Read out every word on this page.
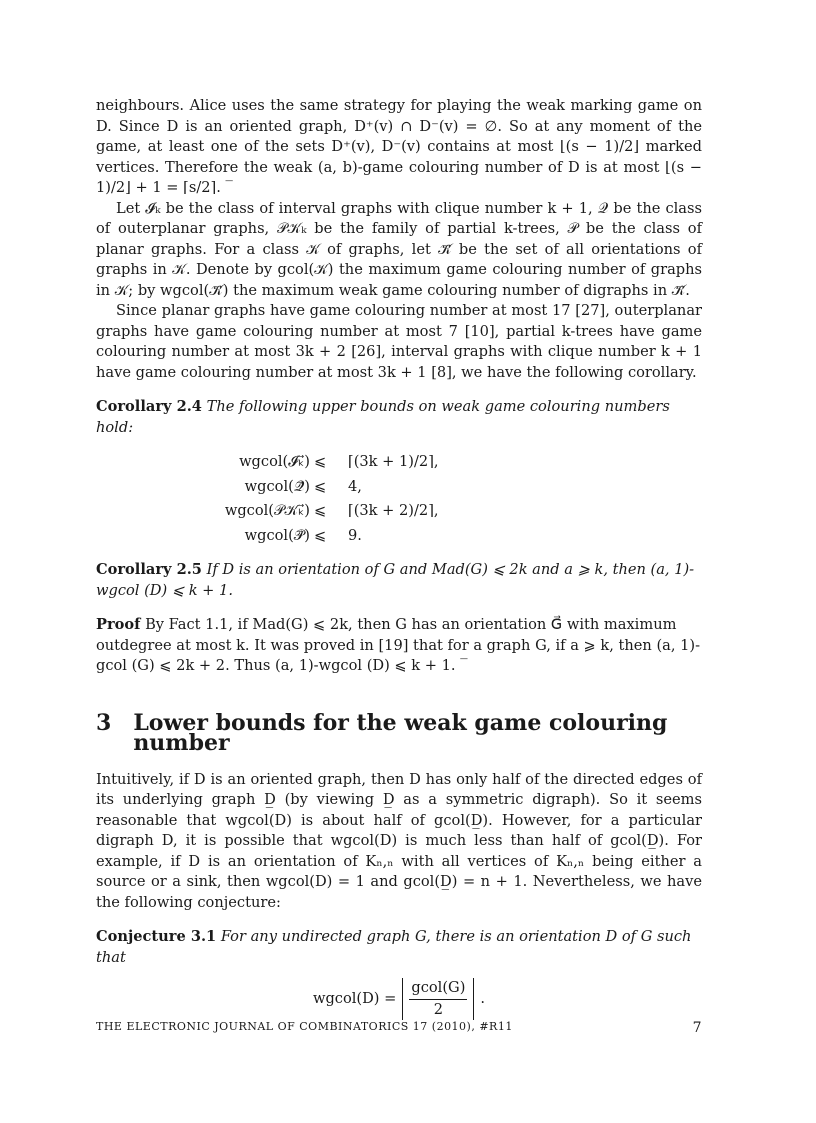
neighbours. Alice uses the same strategy for playing the weak marking game on D. Since D is an oriented graph, D⁺(v) ∩ D⁻(v) = ∅. So at any moment of the game, at least one of the sets D⁺(v), D⁻(v) contains at most ⌊(s − 1)/2⌋ marked vertices. Therefore the weak (a, b)-game colouring number of D is at most ⌊(s − 1)/2⌋ + 1 = ⌈s/2⌉. ‾

Let 𝓘ₖ be the class of interval graphs with clique number k + 1, 𝒬 be the class of outerplanar graphs, 𝒫𝒦ₖ be the family of partial k-trees, 𝒫 be the class of planar graphs. For a class 𝒦 of graphs, let 𝒦⃗ be the set of all orientations of graphs in 𝒦. Denote by gcol(𝒦) the maximum game colouring number of graphs in 𝒦; by wgcol(𝒦⃗) the maximum weak game colouring number of digraphs in 𝒦⃗.

Since planar graphs have game colouring number at most 17 [27], outerplanar graphs have game colouring number at most 7 [10], partial k-trees have game colouring number at most 3k + 2 [26], interval graphs with clique number k + 1 have game colouring number at most 3k + 1 [8], we have the following corollary.

Corollary 2.4 The following upper bounds on weak game colouring numbers hold:
wgcol(𝓘ₖ⃗) ⩽	⌈(3k + 1)/2⌉,
wgcol(𝒬⃗) ⩽	4,
wgcol(𝒫𝒦ₖ⃗) ⩽	⌈(3k + 2)/2⌉,
wgcol(𝒫⃗) ⩽	9.
Corollary 2.5 If D is an orientation of G and Mad(G) ⩽ 2k and a ⩾ k, then (a, 1)-wgcol (D) ⩽ k + 1.
Proof By Fact 1.1, if Mad(G) ⩽ 2k, then G has an orientation G⃗ with maximum outdegree at most k. It was proved in [19] that for a graph G, if a ⩾ k, then (a, 1)-gcol (G) ⩽ 2k + 2. Thus (a, 1)-wgcol (D) ⩽ k + 1. ‾
3 Lower bounds for the weak game colouring number

Intuitively, if D is an oriented graph, then D has only half of the directed edges of its underlying graph D̲ (by viewing D̲ as a symmetric digraph). So it seems reasonable that wgcol(D) is about half of gcol(D̲). However, for a particular digraph D, it is possible that wgcol(D) is much less than half of gcol(D̲). For example, if D is an orientation of Kₙ,ₙ with all vertices of Kₙ,ₙ being either a source or a sink, then wgcol(D) = 1 and gcol(D̲) = n + 1. Nevertheless, we have the following conjecture:

Conjecture 3.1 For any undirected graph G, there is an orientation D of G such that
wgcol(D) = $\frac{\text{gcol(G)}}{2}$ .
THE ELECTRONIC JOURNAL OF COMBINATORICS 17 (2010), #R11	7
